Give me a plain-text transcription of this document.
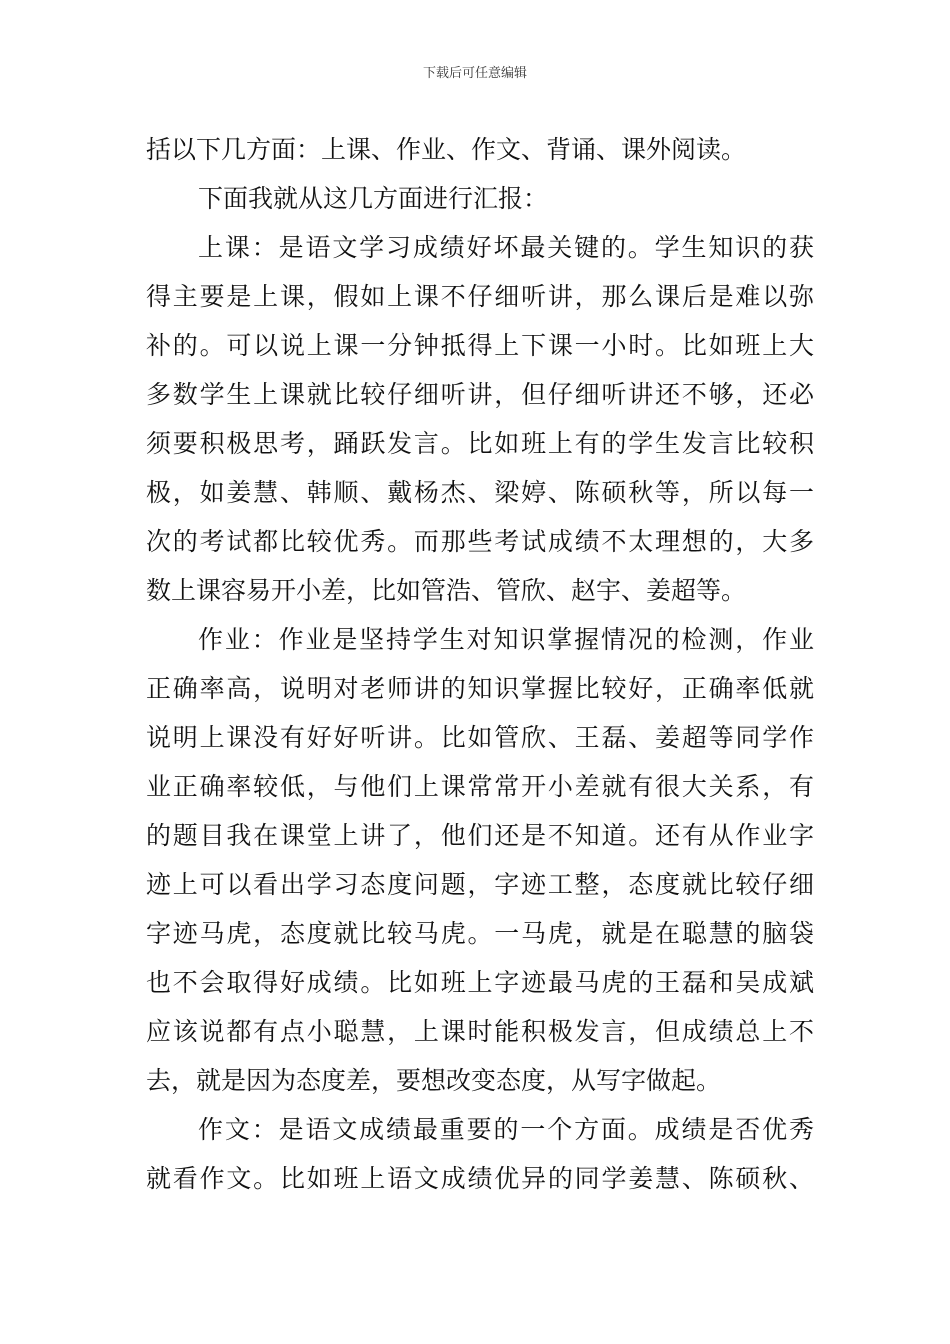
下载后可任意编辑
括以下几方面：上课、作业、作文、背诵、课外阅读。
下面我就从这几方面进行汇报：
上课：是语文学习成绩好坏最关键的。学生知识的获
得主要是上课，假如上课不仔细听讲，那么课后是难以弥
补的。可以说上课一分钟抵得上下课一小时。比如班上大
多数学生上课就比较仔细听讲，但仔细听讲还不够，还必
须要积极思考，踊跃发言。比如班上有的学生发言比较积
极，如姜慧、韩顺、戴杨杰、梁婷、陈硕秋等，所以每一
次的考试都比较优秀。而那些考试成绩不太理想的，大多
数上课容易开小差，比如管浩、管欣、赵宇、姜超等。
作业：作业是坚持学生对知识掌握情况的检测，作业
正确率高，说明对老师讲的知识掌握比较好，正确率低就
说明上课没有好好听讲。比如管欣、王磊、姜超等同学作
业正确率较低，与他们上课常常开小差就有很大关系，有
的题目我在课堂上讲了，他们还是不知道。还有从作业字
迹上可以看出学习态度问题，字迹工整，态度就比较仔细
字迹马虎，态度就比较马虎。一马虎，就是在聪慧的脑袋
也不会取得好成绩。比如班上字迹最马虎的王磊和吴成斌
应该说都有点小聪慧，上课时能积极发言，但成绩总上不
去，就是因为态度差，要想改变态度，从写字做起。
作文：是语文成绩最重要的一个方面。成绩是否优秀
就看作文。比如班上语文成绩优异的同学姜慧、陈硕秋、
